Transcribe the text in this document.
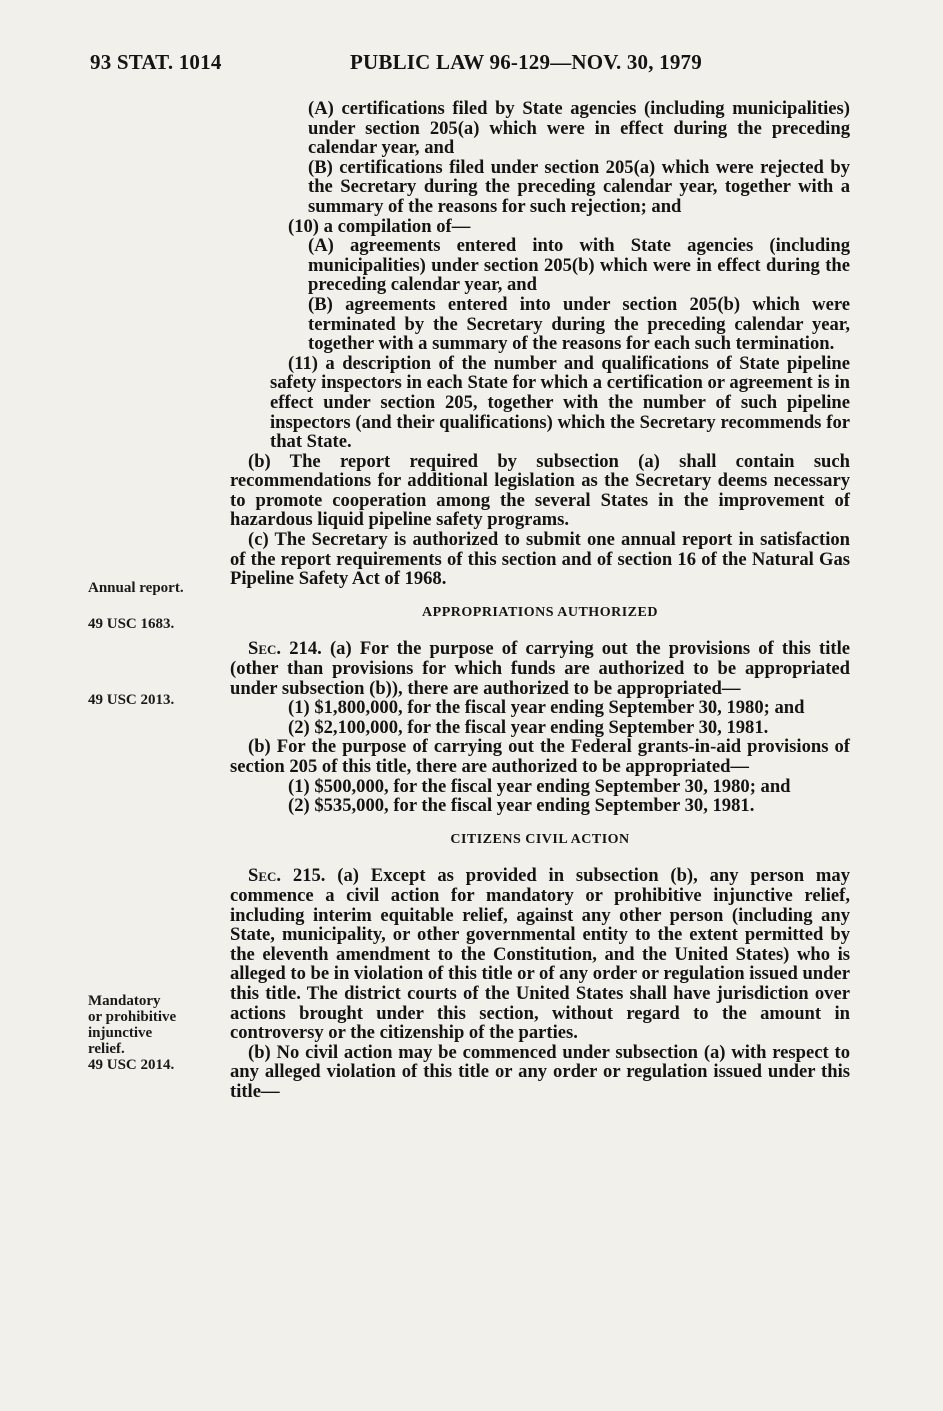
93 STAT. 1014	PUBLIC LAW 96-129—NOV. 30, 1979
Annual report.
49 USC 1683.
49 USC 2013.
Mandatory
or prohibitive
injunctive
relief.
49 USC 2014.

(A) certifications filed by State agencies (including municipalities) under section 205(a) which were in effect during the preceding calendar year, and

(B) certifications filed under section 205(a) which were rejected by the Secretary during the preceding calendar year, together with a summary of the reasons for such rejection; and

(10) a compilation of—

(A) agreements entered into with State agencies (including municipalities) under section 205(b) which were in effect during the preceding calendar year, and

(B) agreements entered into under section 205(b) which were terminated by the Secretary during the preceding calendar year, together with a summary of the reasons for each such termination.

(11) a description of the number and qualifications of State pipeline safety inspectors in each State for which a certification or agreement is in effect under section 205, together with the number of such pipeline inspectors (and their qualifications) which the Secretary recommends for that State.

(b) The report required by subsection (a) shall contain such recommendations for additional legislation as the Secretary deems necessary to promote cooperation among the several States in the improvement of hazardous liquid pipeline safety programs.

(c) The Secretary is authorized to submit one annual report in satisfaction of the report requirements of this section and of section 16 of the Natural Gas Pipeline Safety Act of 1968.

APPROPRIATIONS AUTHORIZED

Sec. 214. (a) For the purpose of carrying out the provisions of this title (other than provisions for which funds are authorized to be appropriated under subsection (b)), there are authorized to be appropriated—

(1) $1,800,000, for the fiscal year ending September 30, 1980; and

(2) $2,100,000, for the fiscal year ending September 30, 1981.

(b) For the purpose of carrying out the Federal grants-in-aid provisions of section 205 of this title, there are authorized to be appropriated—

(1) $500,000, for the fiscal year ending September 30, 1980; and

(2) $535,000, for the fiscal year ending September 30, 1981.

CITIZENS CIVIL ACTION

Sec. 215. (a) Except as provided in subsection (b), any person may commence a civil action for mandatory or prohibitive injunctive relief, including interim equitable relief, against any other person (including any State, municipality, or other governmental entity to the extent permitted by the eleventh amendment to the Constitution, and the United States) who is alleged to be in violation of this title or of any order or regulation issued under this title. The district courts of the United States shall have jurisdiction over actions brought under this section, without regard to the amount in controversy or the citizenship of the parties.

(b) No civil action may be commenced under subsection (a) with respect to any alleged violation of this title or any order or regulation issued under this title—
